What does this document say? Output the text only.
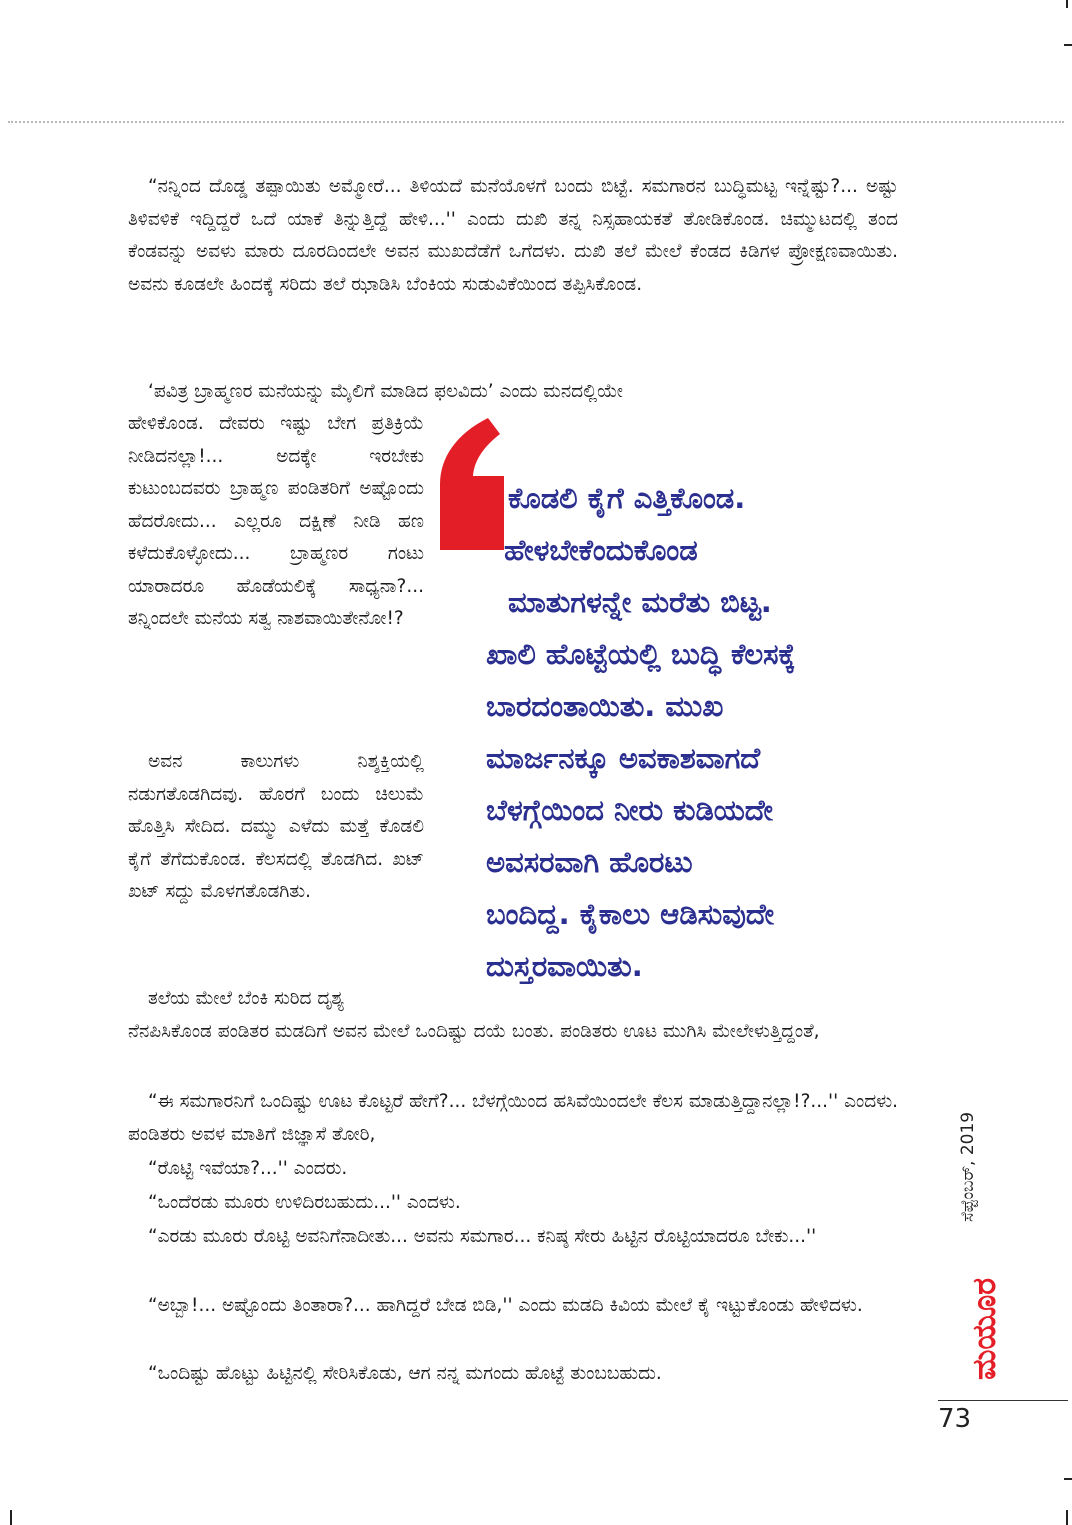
“ನನ್ನಿಂದ ದೊಡ್ಡ ತಪ್ಪಾಯಿತು ಅಮ್ಮೋರೆ... ತಿಳಿಯದೆ ಮನೆಯೊಳಗೆ ಬಂದು ಬಿಟ್ಟೆ. ಸಮಗಾರನ ಬುದ್ಧಿಮಟ್ಟ ಇನ್ನೆಷ್ಟು?... ಅಷ್ಟು ತಿಳಿವಳಿಕೆ ಇದ್ದಿದ್ದರೆ ಒದೆ ಯಾಕೆ ತಿನ್ನುತ್ತಿದ್ದೆ ಹೇಳಿ...'' ಎಂದು ದುಖಿ ತನ್ನ ನಿಸ್ಸಹಾಯಕತೆ ತೋಡಿಕೊಂಡ. ಚಿಮ್ಮುಟದಲ್ಲಿ ತಂದ ಕೆಂಡವನ್ನು ಅವಳು ಮಾರು ದೂರದಿಂದಲೇ ಅವನ ಮುಖದೆಡೆಗೆ ಒಗೆದಳು. ದುಖಿ ತಲೆ ಮೇಲೆ ಕೆಂಡದ ಕಿಡಿಗಳ ಪ್ರೋಕ್ಷಣವಾಯಿತು. ಅವನು ಕೂಡಲೇ ಹಿಂದಕ್ಕೆ ಸರಿದು ತಲೆ ಝಾಡಿಸಿ ಬೆಂಕಿಯ ಸುಡುವಿಕೆಯಿಂದ ತಪ್ಪಿಸಿಕೊಂಡ.

‘ಪವಿತ್ರ ಬ್ರಾಹ್ಮಣರ ಮನೆಯನ್ನು ಮೈಲಿಗೆ ಮಾಡಿದ ಫಲವಿದು’ ಎಂದು ಮನದಲ್ಲಿಯೇ

ಹೇಳಿಕೊಂಡ. ದೇವರು ಇಷ್ಟು ಬೇಗ ಪ್ರತಿಕ್ರಿಯೆ ನೀಡಿದನಲ್ಲಾ!... ಅದಕ್ಕೇ ಇರಬೇಕು ಕುಟುಂಬದವರು ಬ್ರಾಹ್ಮಣ ಪಂಡಿತರಿಗೆ ಅಷ್ಟೊಂದು ಹೆದರೋದು... ಎಲ್ಲರೂ ದಕ್ಷಿಣೆ ನೀಡಿ ಹಣ ಕಳೆದುಕೊಳ್ಳೋದು... ಬ್ರಾಹ್ಮಣರ ಗಂಟು ಯಾರಾದರೂ ಹೊಡೆಯಲಿಕ್ಕೆ ಸಾಧ್ಯನಾ?... ತನ್ನಿಂದಲೇ ಮನೆಯ ಸತ್ವ ನಾಶವಾಯಿತೇನೋ!?

ಅವನ ಕಾಲುಗಳು ನಿಶ್ಶಕ್ತಿಯಲ್ಲಿ ನಡುಗತೊಡಗಿದವು. ಹೊರಗೆ ಬಂದು ಚಿಲುಮೆ ಹೊತ್ತಿಸಿ ಸೇದಿದ. ದಮ್ಮು ಎಳೆದು ಮತ್ತೆ ಕೊಡಲಿ ಕೈಗೆ ತೆಗೆದುಕೊಂಡ. ಕೆಲಸದಲ್ಲಿ ತೊಡಗಿದ. ಖಟ್ ಖಟ್ ಸದ್ದು ಮೊಳಗತೊಡಗಿತು.

ತಲೆಯ ಮೇಲೆ ಬೆಂಕಿ ಸುರಿದ ದೃಶ್ಯ

ನೆನಪಿಸಿಕೊಂಡ ಪಂಡಿತರ ಮಡದಿಗೆ ಅವನ ಮೇಲೆ ಒಂದಿಷ್ಟು ದಯೆ ಬಂತು. ಪಂಡಿತರು ಊಟ ಮುಗಿಸಿ ಮೇಲೇಳುತ್ತಿದ್ದಂತೆ,

“ಈ ಸಮಗಾರನಿಗೆ ಒಂದಿಷ್ಟು ಊಟ ಕೊಟ್ಟರೆ ಹೇಗೆ?... ಬೆಳಗ್ಗೆಯಿಂದ ಹಸಿವೆಯಿಂದಲೇ ಕೆಲಸ ಮಾಡುತ್ತಿದ್ದಾನಲ್ಲಾ!?...'' ಎಂದಳು. ಪಂಡಿತರು ಅವಳ ಮಾತಿಗೆ ಜಿಜ್ಞಾಸೆ ತೋರಿ,

“ರೊಟ್ಟಿ ಇವೆಯಾ?...'' ಎಂದರು.

“ಒಂದೆರಡು ಮೂರು ಉಳಿದಿರಬಹುದು...'' ಎಂದಳು.

“ಎರಡು ಮೂರು ರೊಟ್ಟಿ ಅವನಿಗೆನಾದೀತು... ಅವನು ಸಮಗಾರ... ಕನಿಷ್ಠ ಸೇರು ಹಿಟ್ಟಿನ ರೊಟ್ಟಿಯಾದರೂ ಬೇಕು...''

“ಅಬ್ಬಾ!... ಅಷ್ಟೊಂದು ತಿಂತಾರಾ?... ಹಾಗಿದ್ದರೆ ಬೇಡ ಬಿಡಿ,'' ಎಂದು ಮಡದಿ ಕಿವಿಯ ಮೇಲೆ ಕೈ ಇಟ್ಟುಕೊಂಡು ಹೇಳಿದಳು.

“ಒಂದಿಷ್ಟು ಹೊಟ್ಟು ಹಿಟ್ಟಿನಲ್ಲಿ ಸೇರಿಸಿಕೊಡು, ಆಗ ನನ್ನ ಮಗಂದು ಹೊಟ್ಟೆ ತುಂಬಬಹುದು.

ಕೊಡಲಿ ಕೈಗೆ ಎತ್ತಿಕೊಂಡ.
ಹೇಳಬೇಕೆಂದುಕೊಂಡ
ಮಾತುಗಳನ್ನೇ ಮರೆತು ಬಿಟ್ಟ.
ಖಾಲಿ ಹೊಟ್ಟೆಯಲ್ಲಿ ಬುದ್ಧಿ ಕೆಲಸಕ್ಕೆ
ಬಾರದಂತಾಯಿತು. ಮುಖ
ಮಾರ್ಜನಕ್ಕೂ ಅವಕಾಶವಾಗದೆ
ಬೆಳಗ್ಗೆಯಿಂದ ನೀರು ಕುಡಿಯದೇ
ಅವಸರವಾಗಿ ಹೊರಟು
ಬಂದಿದ್ದ. ಕೈಕಾಲು ಆಡಿಸುವುದೇ
ದುಸ್ತರವಾಯಿತು.
ಸೆಪ್ಟೆಂಬರ್, 2019
ಮಯೂರ
73
